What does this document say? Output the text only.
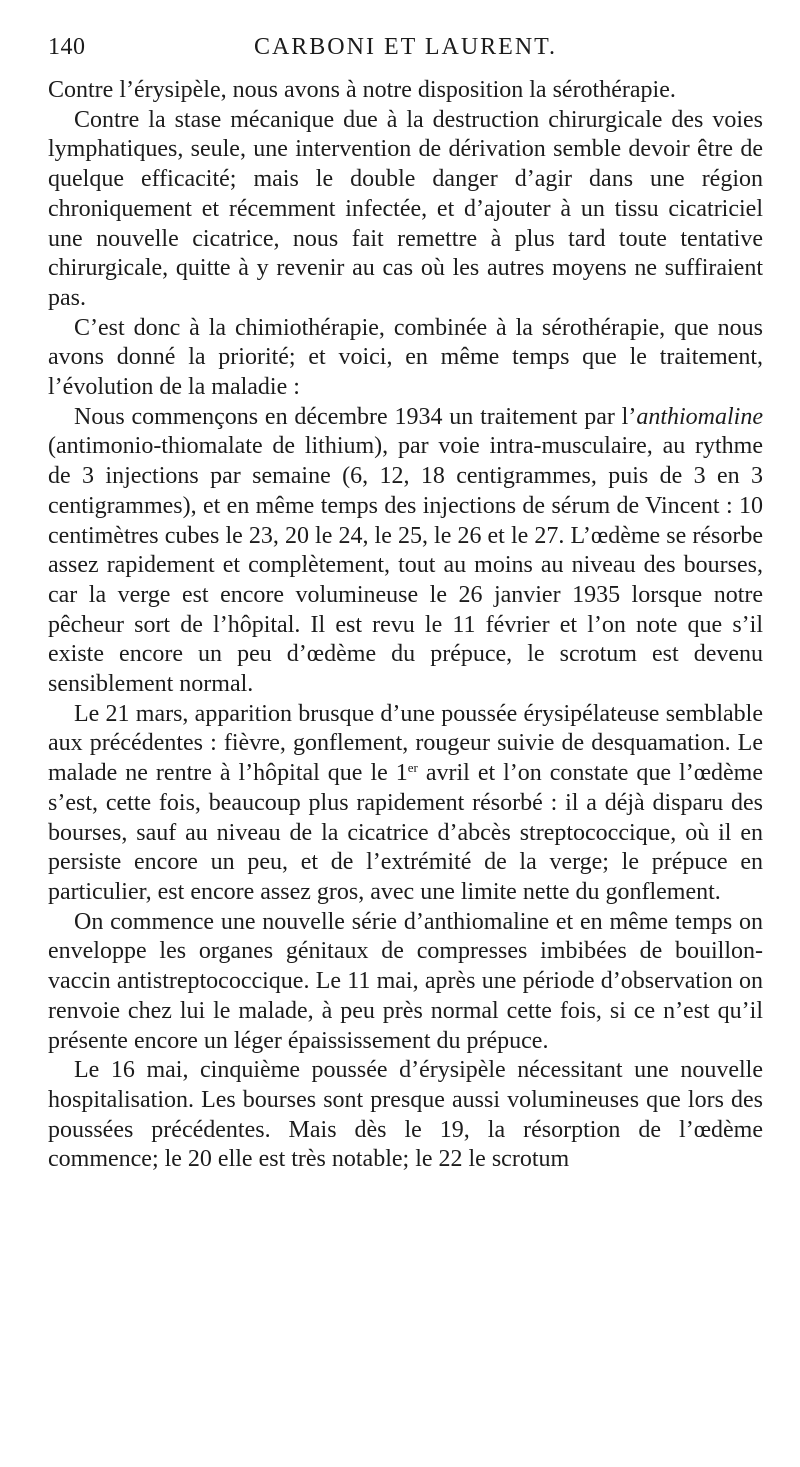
140	CARBONI ET LAURENT.

Contre l’érysipèle, nous avons à notre disposition la sérothérapie.

Contre la stase mécanique due à la destruction chirurgicale des voies lymphatiques, seule, une intervention de dérivation semble devoir être de quelque efficacité; mais le double danger d’agir dans une région chroniquement et récemment infectée, et d’ajouter à un tissu cicatriciel une nouvelle cicatrice, nous fait remettre à plus tard toute tentative chirurgicale, quitte à y revenir au cas où les autres moyens ne suffiraient pas.

C’est donc à la chimiothérapie, combinée à la sérothérapie, que nous avons donné la priorité; et voici, en même temps que le traitement, l’évolution de la maladie :

Nous commençons en décembre 1934 un traitement par l’anthiomaline (antimonio-thiomalate de lithium), par voie intra-musculaire, au rythme de 3 injections par semaine (6, 12, 18 centigrammes, puis de 3 en 3 centigrammes), et en même temps des injections de sérum de Vincent : 10 centimètres cubes le 23, 20 le 24, le 25, le 26 et le 27. L’œdème se résorbe assez rapidement et complètement, tout au moins au niveau des bourses, car la verge est encore volumineuse le 26 janvier 1935 lorsque notre pêcheur sort de l’hôpital. Il est revu le 11 février et l’on note que s’il existe encore un peu d’œdème du prépuce, le scrotum est devenu sensiblement normal.

Le 21 mars, apparition brusque d’une poussée érysipélateuse semblable aux précédentes : fièvre, gonflement, rougeur suivie de desquamation. Le malade ne rentre à l’hôpital que le 1er avril et l’on constate que l’œdème s’est, cette fois, beaucoup plus rapidement résorbé : il a déjà disparu des bourses, sauf au niveau de la cicatrice d’abcès streptococcique, où il en persiste encore un peu, et de l’extrémité de la verge; le prépuce en particulier, est encore assez gros, avec une limite nette du gonflement.

On commence une nouvelle série d’anthiomaline et en même temps on enveloppe les organes génitaux de compresses imbibées de bouillon-vaccin antistreptococcique. Le 11 mai, après une période d’observation on renvoie chez lui le malade, à peu près normal cette fois, si ce n’est qu’il présente encore un léger épaississement du prépuce.

Le 16 mai, cinquième poussée d’érysipèle nécessitant une nouvelle hospitalisation. Les bourses sont presque aussi volumineuses que lors des poussées précédentes. Mais dès le 19, la résorption de l’œdème commence; le 20 elle est très notable; le 22 le scrotum
